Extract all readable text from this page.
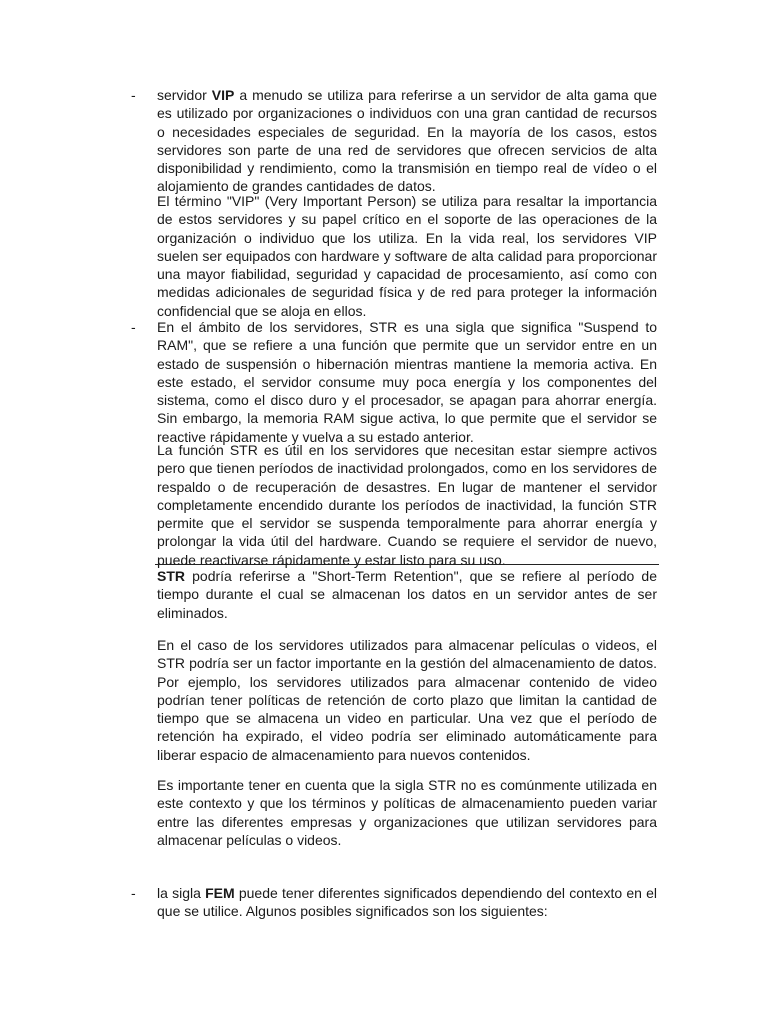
- servidor VIP a menudo se utiliza para referirse a un servidor de alta gama que es utilizado por organizaciones o individuos con una gran cantidad de recursos o necesidades especiales de seguridad. En la mayoría de los casos, estos servidores son parte de una red de servidores que ofrecen servicios de alta disponibilidad y rendimiento, como la transmisión en tiempo real de vídeo o el alojamiento de grandes cantidades de datos.

El término "VIP" (Very Important Person) se utiliza para resaltar la importancia de estos servidores y su papel crítico en el soporte de las operaciones de la organización o individuo que los utiliza. En la vida real, los servidores VIP suelen ser equipados con hardware y software de alta calidad para proporcionar una mayor fiabilidad, seguridad y capacidad de procesamiento, así como con medidas adicionales de seguridad física y de red para proteger la información confidencial que se aloja en ellos.

- En el ámbito de los servidores, STR es una sigla que significa "Suspend to RAM", que se refiere a una función que permite que un servidor entre en un estado de suspensión o hibernación mientras mantiene la memoria activa. En este estado, el servidor consume muy poca energía y los componentes del sistema, como el disco duro y el procesador, se apagan para ahorrar energía. Sin embargo, la memoria RAM sigue activa, lo que permite que el servidor se reactive rápidamente y vuelva a su estado anterior.

La función STR es útil en los servidores que necesitan estar siempre activos pero que tienen períodos de inactividad prolongados, como en los servidores de respaldo o de recuperación de desastres. En lugar de mantener el servidor completamente encendido durante los períodos de inactividad, la función STR permite que el servidor se suspenda temporalmente para ahorrar energía y prolongar la vida útil del hardware. Cuando se requiere el servidor de nuevo, puede reactivarse rápidamente y estar listo para su uso.

STR podría referirse a "Short-Term Retention", que se refiere al período de tiempo durante el cual se almacenan los datos en un servidor antes de ser eliminados.

En el caso de los servidores utilizados para almacenar películas o videos, el STR podría ser un factor importante en la gestión del almacenamiento de datos. Por ejemplo, los servidores utilizados para almacenar contenido de video podrían tener políticas de retención de corto plazo que limitan la cantidad de tiempo que se almacena un video en particular. Una vez que el período de retención ha expirado, el video podría ser eliminado automáticamente para liberar espacio de almacenamiento para nuevos contenidos.

Es importante tener en cuenta que la sigla STR no es comúnmente utilizada en este contexto y que los términos y políticas de almacenamiento pueden variar entre las diferentes empresas y organizaciones que utilizan servidores para almacenar películas o videos.

- la sigla FEM puede tener diferentes significados dependiendo del contexto en el que se utilice. Algunos posibles significados son los siguientes:
